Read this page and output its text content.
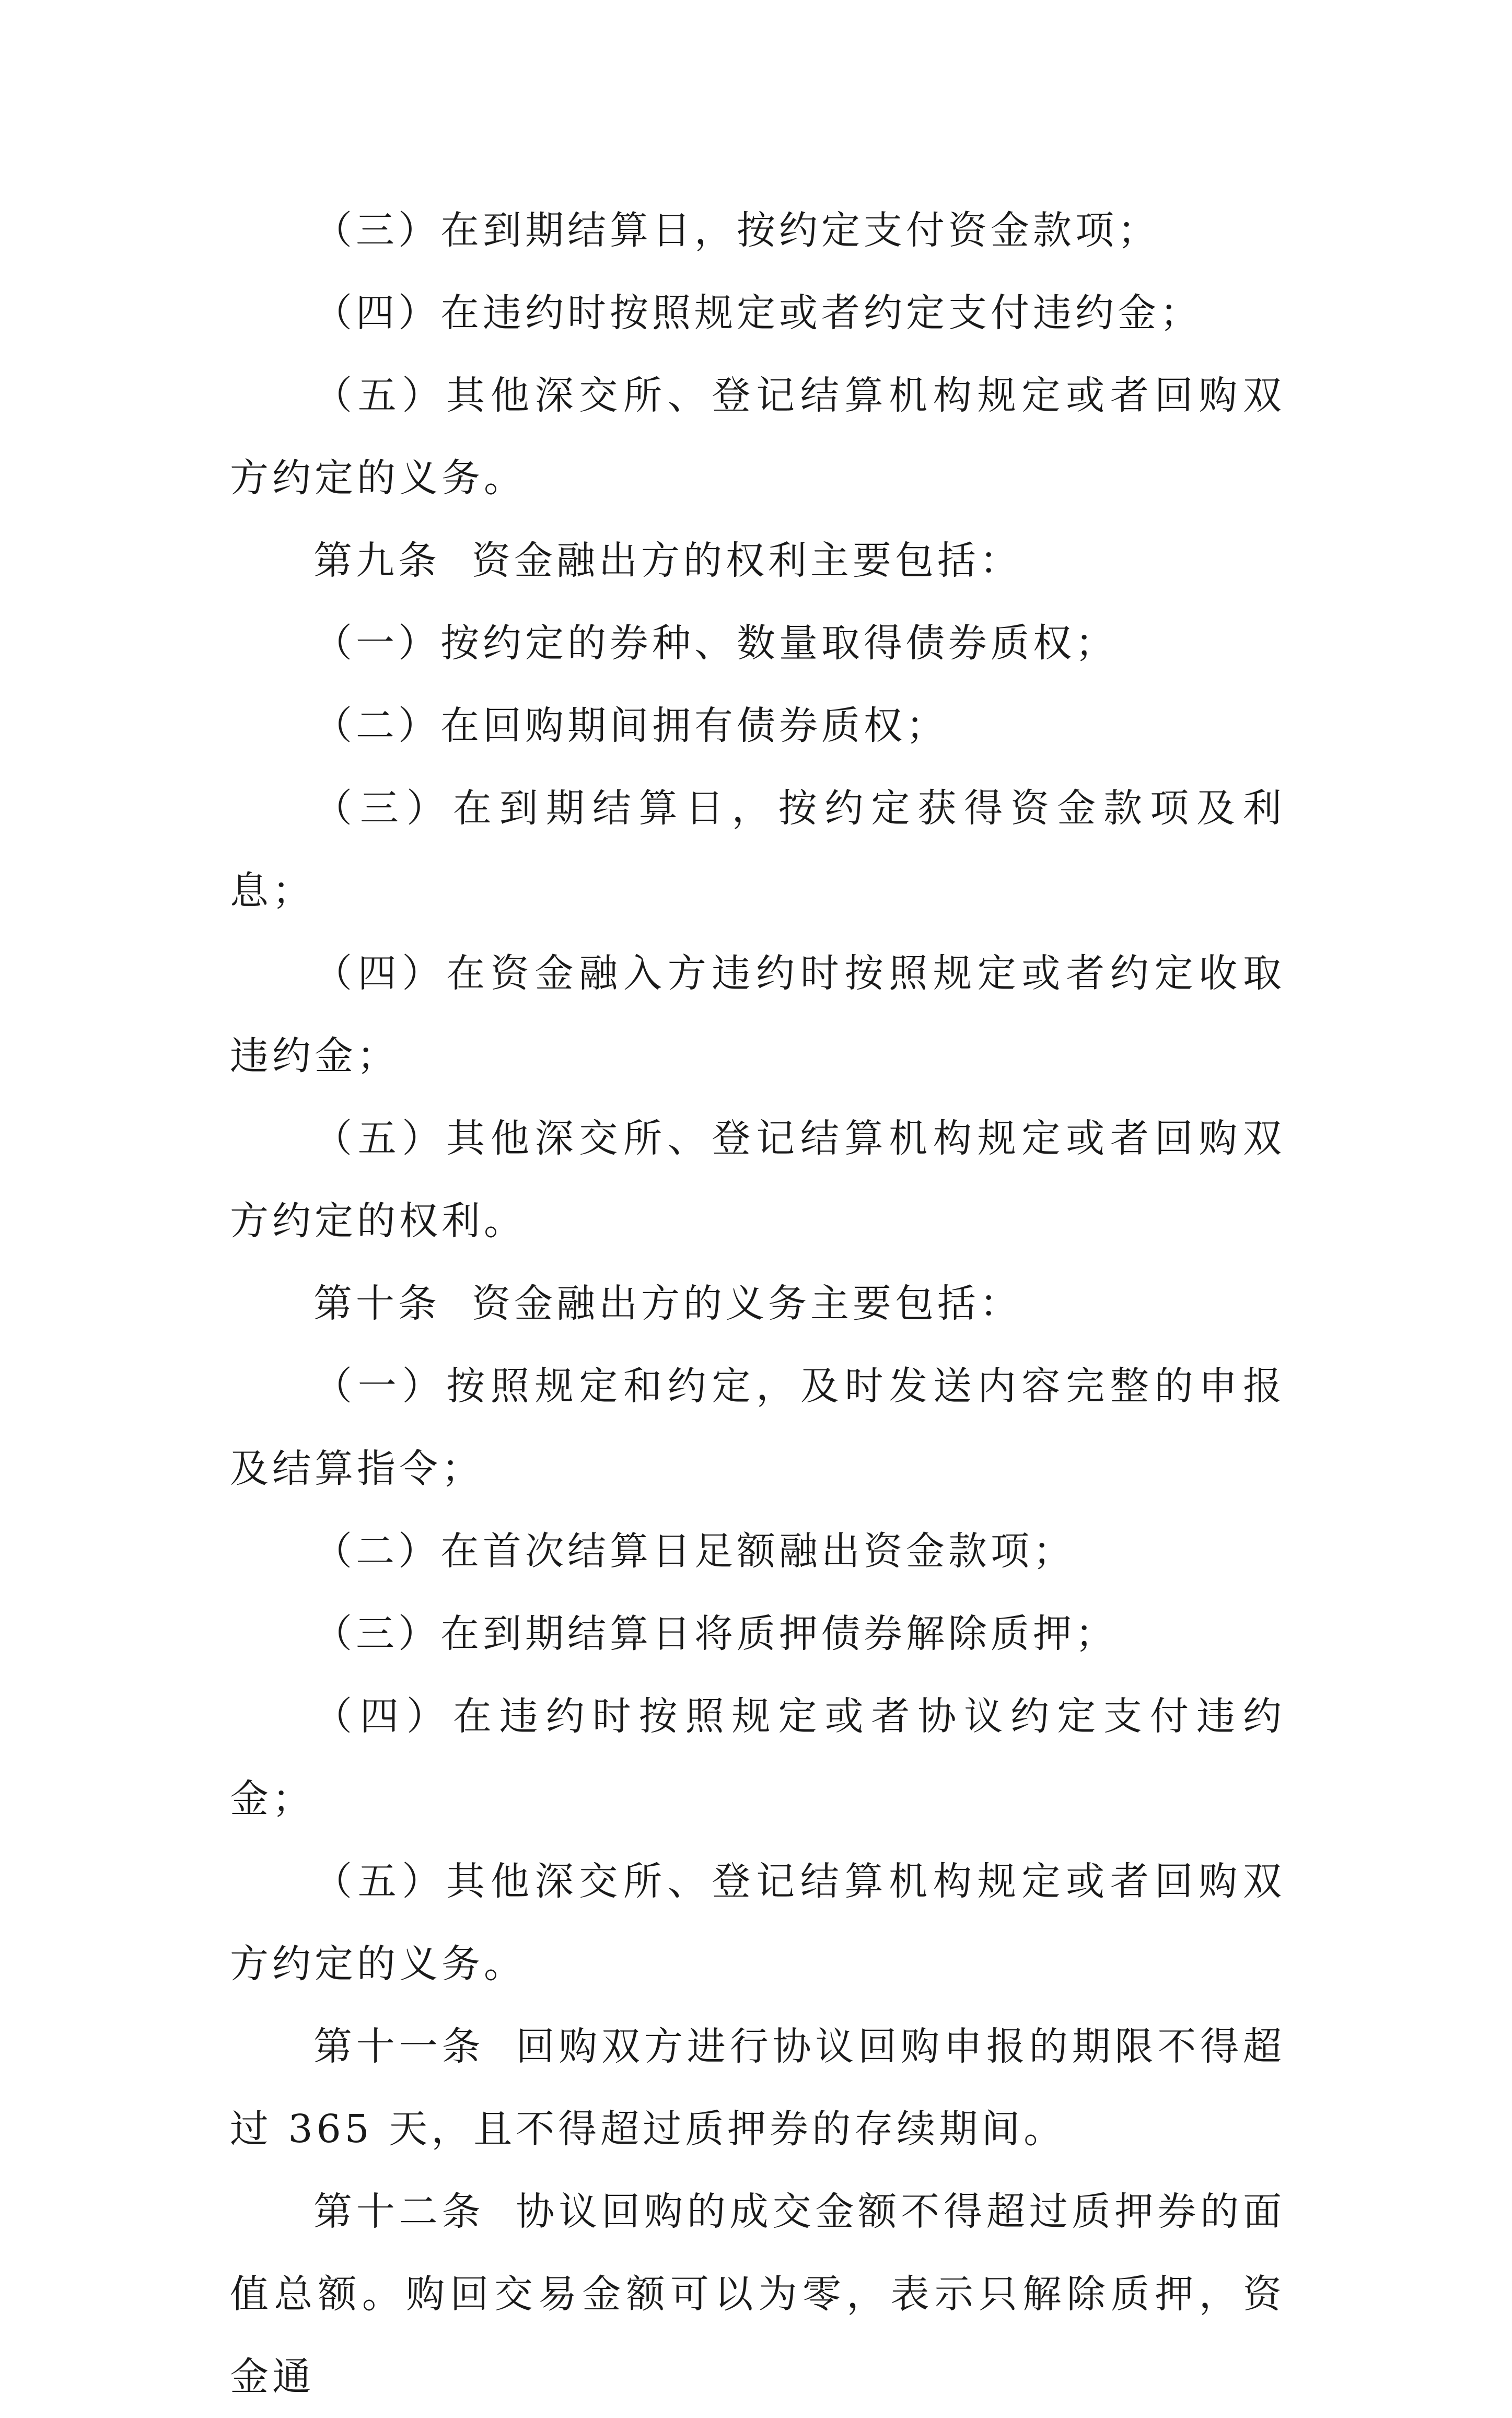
（三）在到期结算日，按约定支付资金款项；

（四）在违约时按照规定或者约定支付违约金；

（五）其他深交所、登记结算机构规定或者回购双方约定的义务。

第九条 资金融出方的权利主要包括：

（一）按约定的券种、数量取得债券质权；

（二）在回购期间拥有债券质权；

（三）在到期结算日，按约定获得资金款项及利息；

（四）在资金融入方违约时按照规定或者约定收取违约金；

（五）其他深交所、登记结算机构规定或者回购双方约定的权利。

第十条 资金融出方的义务主要包括：

（一）按照规定和约定，及时发送内容完整的申报及结算指令；

（二）在首次结算日足额融出资金款项；

（三）在到期结算日将质押债券解除质押；

（四）在违约时按照规定或者协议约定支付违约金；

（五）其他深交所、登记结算机构规定或者回购双方约定的义务。

第十一条 回购双方进行协议回购申报的期限不得超过 365 天，且不得超过质押券的存续期间。

第十二条 协议回购的成交金额不得超过质押券的面值总额。购回交易金额可以为零，表示只解除质押，资金通
